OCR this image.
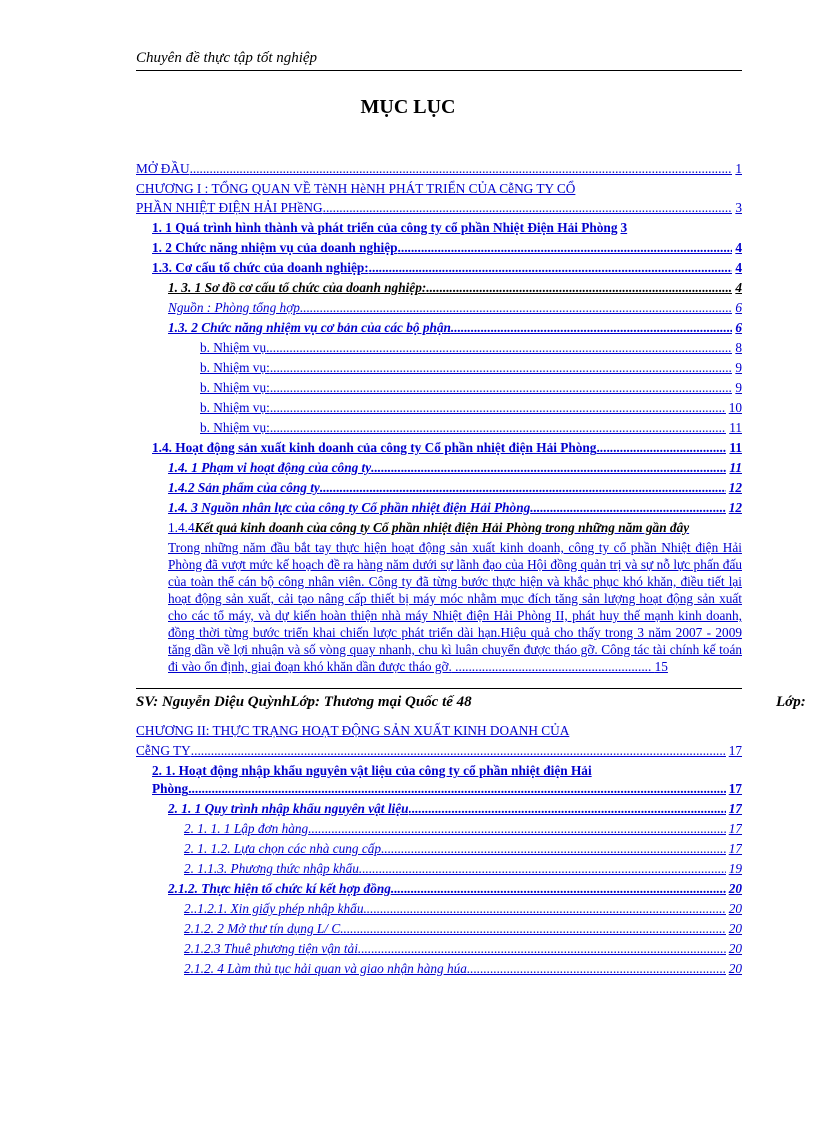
Chuyên đề thực tập tốt nghiệp
MỤC LỤC
MỞ ĐẦU .....	1
CHƯƠNG I : TỔNG QUAN VỀ TèNH HèNH PHÁT TRIỂN CỦA CễNG TY CỔ
PHẦN NHIỆT ĐIỆN HẢI PHềNG .....	3
1. 1 Quá trình hình thành và phát triển của công ty cổ phần Nhiệt Điện Hải Phòng 3
1. 2 Chức năng nhiệm vụ của doanh nghiệp .....	4
1.3. Cơ cấu tổ chức của doanh nghiệp: .....	4
1. 3. 1 Sơ đồ cơ cấu tổ chức của doanh nghiệp: .....	4
Nguồn : Phòng tổng hợp .....	6
1.3. 2 Chức năng nhiệm vụ cơ bản của các bộ phận .....	6
b. Nhiệm vụ .....	8
b. Nhiệm vụ: .....	9
b. Nhiệm vụ: .....	9
b. Nhiệm vụ: .....	10
b. Nhiệm vụ: .....	11
1.4. Hoạt động sản xuất kinh doanh của công ty Cổ phần nhiệt điện Hải Phòng .....	11
1.4. 1 Phạm vi hoạt động của công ty .....	11
1.4.2 Sản phẩm của công ty .....	12
1.4. 3 Nguồn nhân lực của công ty Cổ phần nhiệt điện Hải Phòng .....	12
1.4.4Kết quả kinh doanh của công ty Cổ phần nhiệt điện Hải Phòng trong những năm gần đây
Trong những năm đầu bắt tay thực hiện hoạt động sản xuất kinh doanh, công ty cổ phần Nhiệt điện Hải Phòng đã vượt mức kế hoạch đề ra hàng năm dưới sự lãnh đạo của Hội đồng quản trị và sự nỗ lực phấn đấu của toàn thể cán bộ công nhân viên. Công ty đã từng bước thực hiện và khắc phục khó khăn, điều tiết lại hoạt động sản xuất, cải tạo nâng cấp thiết bị máy móc nhằm mục đích tăng sản lượng hoạt động sản xuất cho các tổ máy, và dự kiến hoàn thiện nhà máy Nhiệt điện Hải Phòng II, phát huy thế mạnh kinh doanh, đồng thời từng bước triển khai chiến lược phát triển dài hạn.Hiệu quả cho thấy trong 3 năm 2007 - 2009 tăng dần về lợi nhuận và số vòng quay nhanh, chu kì luân chuyển được tháo gỡ. Công tác tài chính kế toán đi vào ổn định, giai đoạn khó khăn dần được tháo gỡ. ........................................................... 15
CHƯƠNG II: THỰC TRẠNG HOẠT ĐỘNG SẢN XUẤT KINH DOANH CỦA
CễNG TY .....	17
2. 1. Hoạt động nhập khẩu nguyên vật liệu của công ty cổ phần nhiệt điện Hải
Phòng .....	17
2. 1. 1 Quy trình nhập khẩu nguyên vật liệu .....	17
2. 1. 1. 1 Lập đơn hàng .....	17
2. 1. 1.2. Lựa chọn các nhà cung cấp .....	17
2. 1.1.3. Phương thức nhập khẩu .....	19
2.1.2. Thực hiện tổ chức kí kết hợp đồng .....	20
2..1.2.1. Xin giấy phép nhập khẩu .....	20
2.1.2. 2 Mở thư tín dụng L/ C .....	20
2.1.2.3 Thuê phương tiện vận tải .....	20
2.1.2. 4 Làm thủ tục hải quan và giao nhận hàng húa .....	20
SV: Nguyễn Diệu QuỳnhLớp: Thương mại Quốc tế 48	Lớp:
